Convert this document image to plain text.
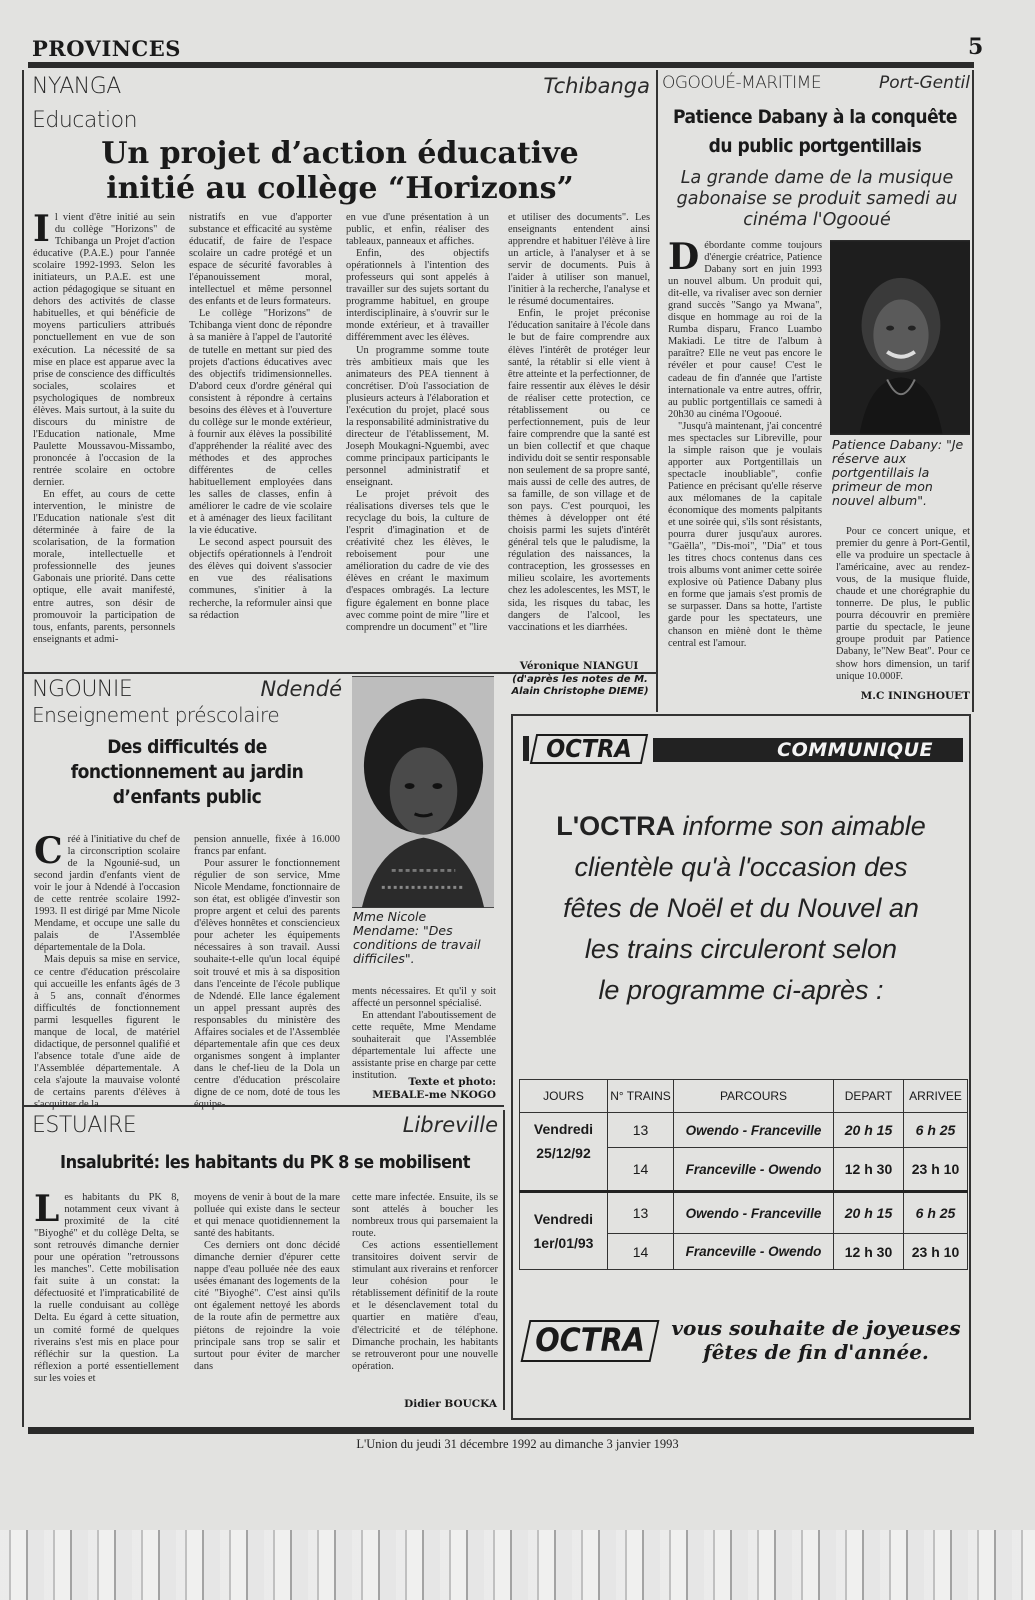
PROVINCES	5
NYANGA	Tchibanga
Education
Un projet d’action éducative
initié au collège “Horizons”

Il vient d'être initié au sein du collège "Horizons" de Tchibanga un Projet d'action éducative (P.A.E.) pour l'année scolaire 1992-1993. Selon les initiateurs, un P.A.E. est une action pédagogique se situant en dehors des activités de classe habituelles, et qui bénéficie de moyens particuliers attribués ponctuellement en vue de son exécution. La nécessité de sa mise en place est apparue avec la prise de conscience des difficultés sociales, scolaires et psychologiques de nombreux élèves. Mais surtout, à la suite du discours du ministre de l'Education nationale, Mme Paulette Moussavou-Missambo, prononcée à l'occasion de la rentrée scolaire en octobre dernier.

En effet, au cours de cette intervention, le ministre de l'Education nationale s'est dit déterminée à faire de la scolarisation, de la formation morale, intellectuelle et professionnelle des jeunes Gabonais une priorité. Dans cette optique, elle avait manifesté, entre autres, son désir de promouvoir la participation de tous, enfants, parents, personnels enseignants et admi-

nistratifs en vue d'apporter substance et efficacité au système éducatif, de faire de l'espace scolaire un cadre protégé et un espace de sécurité favorables à l'épanouissement moral, intellectuel et même personnel des enfants et de leurs formateurs.

Le collège "Horizons" de Tchibanga vient donc de répondre à sa manière à l'appel de l'autorité de tutelle en mettant sur pied des projets d'actions éducatives avec des objectifs tridimensionnelles. D'abord ceux d'ordre général qui consistent à répondre à certains besoins des élèves et à l'ouverture du collège sur le monde extérieur, à fournir aux élèves la possibilité d'appréhender la réalité avec des méthodes et des approches différentes de celles habituellement employées dans les salles de classes, enfin à améliorer le cadre de vie scolaire et à aménager des lieux facilitant la vie éducative.

Le second aspect poursuit des objectifs opérationnels à l'endroit des élèves qui doivent s'associer en vue des réalisations communes, s'initier à la recherche, la reformuler ainsi que sa rédaction

en vue d'une présentation à un public, et enfin, réaliser des tableaux, panneaux et affiches.

Enfin, des objectifs opérationnels à l'intention des professeurs qui sont appelés à travailler sur des sujets sortant du programme habituel, en groupe interdisciplinaire, à s'ouvrir sur le monde extérieur, et à travailler différemment avec les élèves.

Un programme somme toute très ambitieux mais que les animateurs des PEA tiennent à concrétiser. D'où l'association de plusieurs acteurs à l'élaboration et l'exécution du projet, placé sous la responsabilité administrative du directeur de l'établissement, M. Joseph Moukagni-Nguembi, avec comme principaux participants le personnel administratif et enseignant.

Le projet prévoit des réalisations diverses tels que le recyclage du bois, la culture de l'esprit d'imagination et de créativité chez les élèves, le reboisement pour une amélioration du cadre de vie des élèves en créant le maximum d'espaces ombragés. La lecture figure également en bonne place avec comme point de mire "lire et comprendre un document" et "lire

et utiliser des documents". Les enseignants entendent ainsi apprendre et habituer l'élève à lire un article, à l'analyser et à se servir de documents. Puis à l'aider à utiliser son manuel, l'initier à la recherche, l'analyse et le résumé documentaires.

Enfin, le projet préconise l'éducation sanitaire à l'école dans le but de faire comprendre aux élèves l'intérêt de protéger leur santé, la rétablir si elle vient à être atteinte et la perfectionner, de faire ressentir aux élèves le désir de réaliser cette protection, ce rétablissement ou ce perfectionnement, puis de leur faire comprendre que la santé est un bien collectif et que chaque individu doit se sentir responsable non seulement de sa propre santé, mais aussi de celle des autres, de sa famille, de son village et de son pays. C'est pourquoi, les thèmes à développer ont été choisis parmi les sujets d'intérêt général tels que le paludisme, la régulation des naissances, la contraception, les grossesses en milieu scolaire, les avortements chez les adolescentes, les MST, le sida, les risques du tabac, les dangers de l'alcool, les vaccinations et les diarrhées.

Véronique NIANGUI
(d'après les notes de M.
Alain Christophe DIEME)
OGOOUÉ-MARITIME	Port-Gentil
Patience Dabany à la conquête
du public portgentillais
La grande dame de la musique gabonaise se produit samedi au cinéma l'Ogooué

Débordante comme toujours d'énergie créatrice, Patience Dabany sort en juin 1993 un nouvel album. Un produit qui, dit-elle, va rivaliser avec son dernier grand succès "Sango ya Mwana", disque en hommage au roi de la Rumba disparu, Franco Luambo Makiadi. Le titre de l'album à paraître? Elle ne veut pas encore le révéler et pour cause! C'est le cadeau de fin d'année que l'artiste internationale va entre autres, offrir, au public portgentillais ce samedi à 20h30 au cinéma l'Ogooué.

"Jusqu'à maintenant, j'ai concentré mes spectacles sur Libreville, pour la simple raison que je voulais apporter aux Portgentillais un spectacle inoubliable", confie Patience en précisant qu'elle réserve aux mélomanes de la capitale économique des moments palpitants et une soirée qui, s'ils sont résistants, pourra durer jusqu'aux aurores. "Gaëlla", "Dis-moi", "Dia" et tous les titres chocs contenus dans ces trois albums vont animer cette soirée explosive où Patience Dabany plus en forme que jamais s'est promis de se surpasser. Dans sa hotte, l'artiste garde pour les spectateurs, une chanson en miènè dont le thème central est l'amour.

Patience Dabany: "Je réserve aux portgentillais la primeur de mon nouvel album".

Pour ce concert unique, et premier du genre à Port-Gentil, elle va produire un spectacle à l'américaine, avec au rendez-vous, de la musique fluide, chaude et une chorégraphie du tonnerre. De plus, le public pourra découvrir en première partie du spectacle, le jeune groupe produit par Patience Dabany, le"New Beat". Pour ce show hors dimension, un tarif unique 10.000F.

M.C ININGHOUET
NGOUNIE	Ndendé
Enseignement préscolaire
Des difficultés de
fonctionnement au jardin
d’enfants public

Créé à l'initiative du chef de la circonscription scolaire de la Ngounié-sud, un second jardin d'enfants vient de voir le jour à Ndendé à l'occasion de cette rentrée scolaire 1992-1993. Il est dirigé par Mme Nicole Mendame, et occupe une salle du palais de l'Assemblée départementale de la Dola.

Mais depuis sa mise en service, ce centre d'éducation préscolaire qui accueille les enfants âgés de 3 à 5 ans, connaît d'énormes difficultés de fonctionnement parmi lesquelles figurent le manque de local, de matériel didactique, de personnel qualifié et l'absence totale d'une aide de l'Assemblée départementale. A cela s'ajoute la mauvaise volonté de certains parents d'élèves à s'acquitter de la

pension annuelle, fixée à 16.000 francs par enfant.

Pour assurer le fonctionnement régulier de son service, Mme Nicole Mendame, fonctionnaire de son état, est obligée d'investir son propre argent et celui des parents d'élèves honnêtes et consciencieux pour acheter les équipements nécessaires à son travail. Aussi souhaite-t-elle qu'un local équipé soit trouvé et mis à sa disposition dans l'enceinte de l'école publique de Ndendé. Elle lance également un appel pressant auprès des responsables du ministère des Affaires sociales et de l'Assemblée départementale afin que ces deux organismes songent à implanter dans le chef-lieu de la Dola un centre d'éducation préscolaire digne de ce nom, doté de tous les équipe-

Mme Nicole Mendame: "Des conditions de travail difficiles".

ments nécessaires. Et qu'il y soit affecté un personnel spécialisé.

En attendant l'aboutissement de cette requête, Mme Mendame souhaiterait que l'Assemblée départementale lui affecte une assistante prise en charge par cette institution.

Texte et photo:
MEBALE-me NKOGO
ESTUAIRE	Libreville
Insalubrité: les habitants du PK 8 se mobilisent

Les habitants du PK 8, notamment ceux vivant à proximité de la cité "Biyoghé" et du collège Delta, se sont retrouvés dimanche dernier pour une opération "retroussons les manches". Cette mobilisation fait suite à un constat: la défectuosité et l'impraticabilité de la ruelle conduisant au collège Delta. Eu égard à cette situation, un comité formé de quelques riverains s'est mis en place pour réfléchir sur la question. La réflexion a porté essentiellement sur les voies et

moyens de venir à bout de la mare polluée qui existe dans le secteur et qui menace quotidiennement la santé des habitants.

Ces derniers ont donc décidé dimanche dernier d'épurer cette nappe d'eau polluée née des eaux usées émanant des logements de la cité "Biyoghé". C'est ainsi qu'ils ont également nettoyé les abords de la route afin de permettre aux piétons de rejoindre la voie principale sans trop se salir et surtout pour éviter de marcher dans

cette mare infectée. Ensuite, ils se sont attelés à boucher les nombreux trous qui parsemaient la route.

Ces actions essentiellement transitoires doivent servir de stimulant aux riverains et renforcer leur cohésion pour le rétablissement définitif de la route et le désenclavement total du quartier en matière d'eau, d'électricité et de téléphone. Dimanche prochain, les habitants se retrouveront pour une nouvelle opération.

Didier BOUCKA
OCTRA	COMMUNIQUE
L'OCTRA informe son aimable
clientèle qu'à l'occasion des
fêtes de Noël et du Nouvel an
les trains circuleront selon
le programme ci-après :
JOURS	N° TRAINS	PARCOURS	DEPART	ARRIVEE

Vendredi
25/12/92	13	Owendo - Franceville	20 h 15	6 h 25
	14	Franceville - Owendo	12 h 30	23 h 10

Vendredi
1er/01/93	13	Owendo - Franceville	20 h 15	6 h 25
	14	Franceville - Owendo	12 h 30	23 h 10
OCTRA	vous souhaite de joyeuses
fêtes de fin d'année.
L'Union du jeudi 31 décembre 1992 au dimanche 3 janvier 1993
